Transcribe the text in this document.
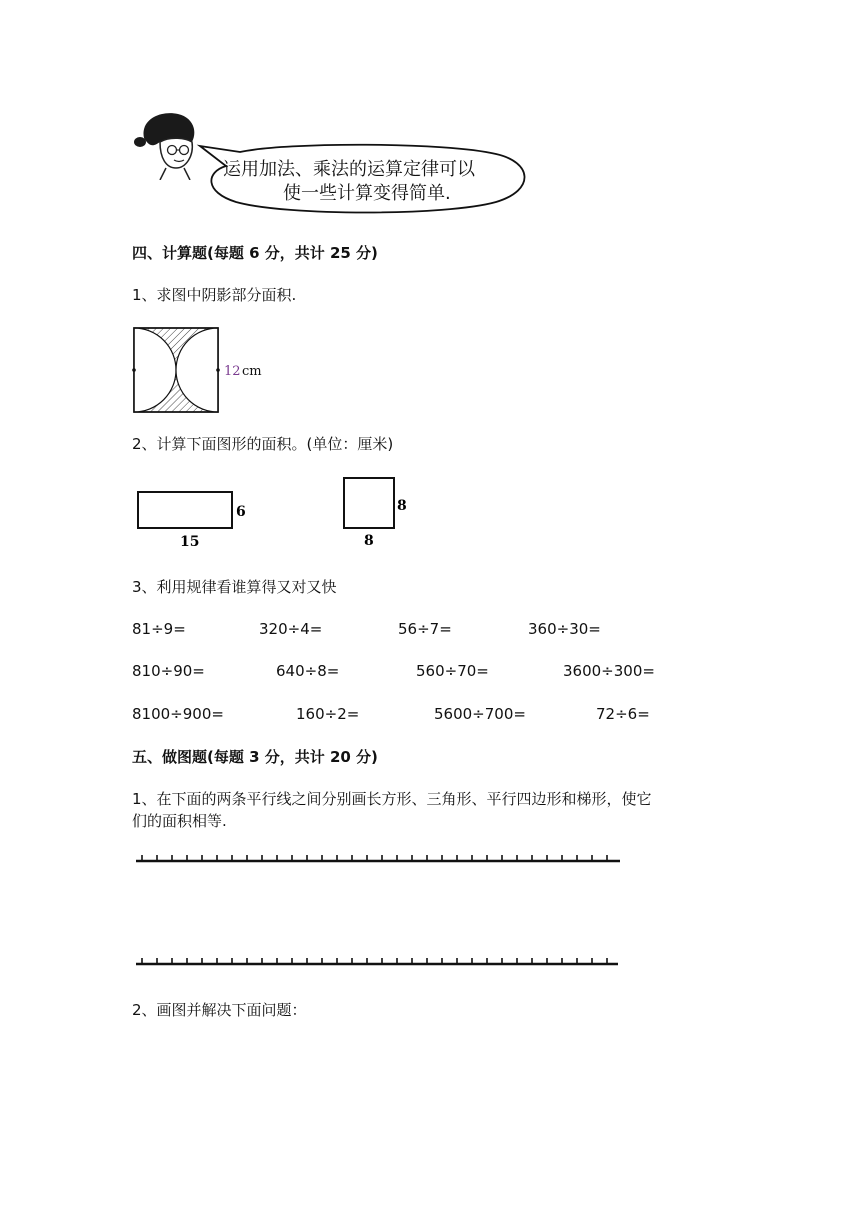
运用加法、乘法的运算定律可以
使一些计算变得简单.
四、计算题(每题 6 分，共计 25 分)
1、求图中阴影部分面积.
12 cm
2、计算下面图形的面积。(单位：厘米)
6
15
8
8
3、利用规律看谁算得又对又快
81÷9=	320÷4=	56÷7=	360÷30=
810÷90=	640÷8=	560÷70=	3600÷300=
8100÷900=	160÷2=	5600÷700=	72÷6=
五、做图题(每题 3 分，共计 20 分)
1、在下面的两条平行线之间分别画长方形、三角形、平行四边形和梯形，使它
们的面积相等.
2、画图并解决下面问题：
